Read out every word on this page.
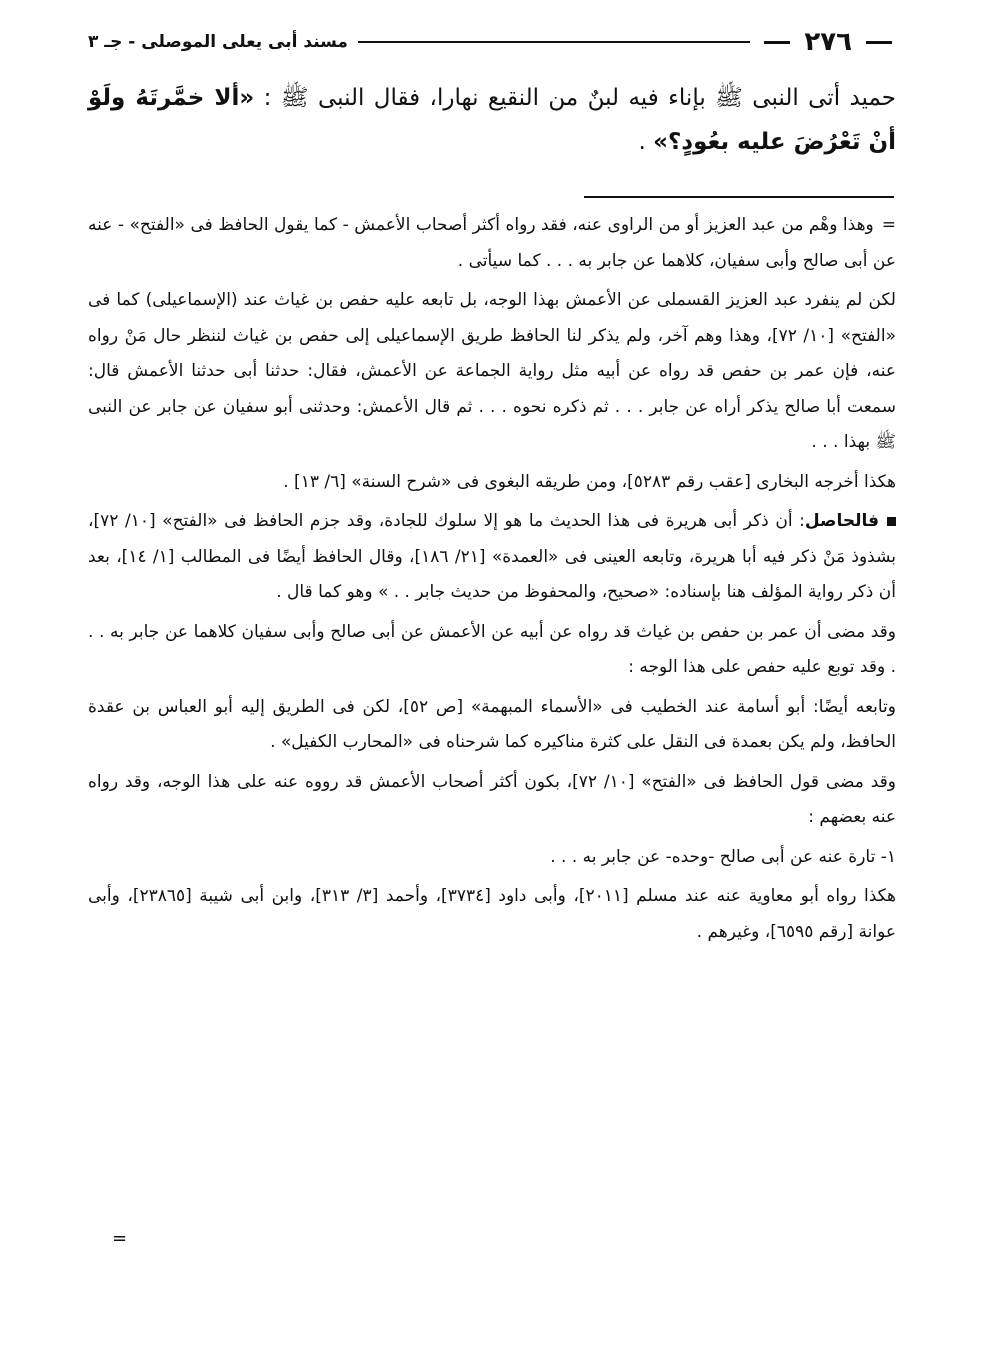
٢٧٦
مسند أبى يعلى الموصلى - جـ ٣
حميد أتى النبى ﷺ بإناء فيه لبنٌ من النقيع نهارا، فقال النبى ﷺ : «ألا خمَّرتَهُ ولَوْ أنْ تَعْرُضَ عليه بعُودٍ؟» .

=وهذا وهْم من عبد العزيز أو من الراوى عنه، فقد رواه أكثر أصحاب الأعمش - كما يقول الحافظ فى «الفتح» - عنه عن أبى صالح وأبى سفيان، كلاهما عن جابر به . . . كما سيأتى .

لكن لم ينفرد عبد العزيز القسملى عن الأعمش بهذا الوجه، بل تابعه عليه حفص بن غياث عند (الإسماعيلى) كما فى «الفتح» [١٠/ ٧٢]، وهذا وهم آخر، ولم يذكر لنا الحافظ طريق الإسماعيلى إلى حفص بن غياث لننظر حال مَنْ رواه عنه، فإن عمر بن حفص قد رواه عن أبيه مثل رواية الجماعة عن الأعمش، فقال: حدثنا أبى حدثنا الأعمش قال: سمعت أبا صالح يذكر أراه عن جابر . . . ثم ذكره نحوه . . . ثم قال الأعمش: وحدثنى أبو سفيان عن جابر عن النبى ﷺ بهذا . . .

هكذا أخرجه البخارى [عقب رقم ٥٢٨٣]، ومن طريقه البغوى فى «شرح السنة» [٦/ ١٣] .

فالحاصل: أن ذكر أبى هريرة فى هذا الحديث ما هو إلا سلوك للجادة، وقد جزم الحافظ فى «الفتح» [١٠/ ٧٢]، بشذوذ مَنْ ذكر فيه أبا هريرة، وتابعه العينى فى «العمدة» [٢١/ ١٨٦]، وقال الحافظ أيضًا فى المطالب [١/ ١٤]، بعد أن ذكر رواية المؤلف هنا بإسناده: «صحيح، والمحفوظ من حديث جابر . . » وهو كما قال .

وقد مضى أن عمر بن حفص بن غياث قد رواه عن أبيه عن الأعمش عن أبى صالح وأبى سفيان كلاهما عن جابر به . . . وقد توبع عليه حفص على هذا الوجه :

وتابعه أيضًا: أبو أسامة عند الخطيب فى «الأسماء المبهمة» [ص ٥٢]، لكن فى الطريق إليه أبو العباس بن عقدة الحافظ، ولم يكن بعمدة فى النقل على كثرة مناكيره كما شرحناه فى «المحارب الكفيل» .

وقد مضى قول الحافظ فى «الفتح» [١٠/ ٧٢]، بكون أكثر أصحاب الأعمش قد رووه عنه على هذا الوجه، وقد رواه عنه بعضهم :

١- تارة عنه عن أبى صالح -وحده- عن جابر به . . .

هكذا رواه أبو معاوية عنه عند مسلم [٢٠١١]، وأبى داود [٣٧٣٤]، وأحمد [٣/ ٣١٣]، وابن أبى شيبة [٢٣٨٦٥]، وأبى عوانة [رقم ٦٥٩٥]، وغيرهم .

=
